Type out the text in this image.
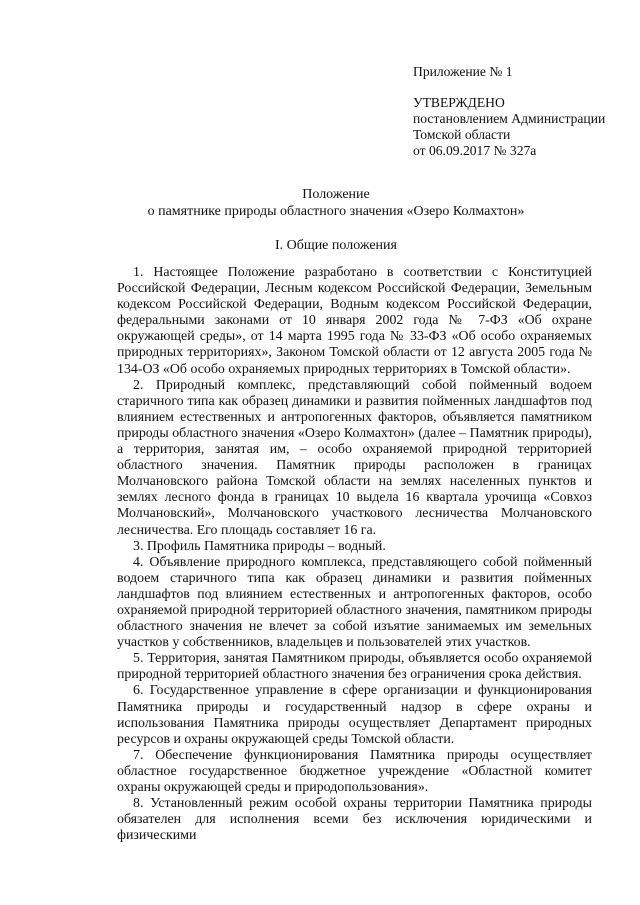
Приложение № 1
УТВЕРЖДЕНО
постановлением Администрации
Томской области
от 06.09.2017 № 327а
Положение
о памятнике природы областного значения «Озеро Колмахтон»
I. Общие положения

1. Настоящее Положение разработано в соответствии с Конституцией Российской Федерации, Лесным кодексом Российской Федерации, Земельным кодексом Российской Федерации, Водным кодексом Российской Федерации, федеральными законами от 10 января 2002 года № 7-ФЗ «Об охране окружающей среды», от 14 марта 1995 года № 33-ФЗ «Об особо охраняемых природных территориях», Законом Томской области от 12 августа 2005 года № 134-ОЗ «Об особо охраняемых природных территориях в Томской области».

2. Природный комплекс, представляющий собой пойменный водоем старичного типа как образец динамики и развития пойменных ландшафтов под влиянием естественных и антропогенных факторов, объявляется памятником природы областного значения «Озеро Колмахтон» (далее – Памятник природы), а территория, занятая им, – особо охраняемой природной территорией областного значения. Памятник природы расположен в границах Молчановского района Томской области на землях населенных пунктов и землях лесного фонда в границах 10 выдела 16 квартала урочища «Совхоз Молчановский», Молчановского участкового лесничества Молчановского лесничества. Его площадь составляет 16 га.

3. Профиль Памятника природы – водный.

4. Объявление природного комплекса, представляющего собой пойменный водоем старичного типа как образец динамики и развития пойменных ландшафтов под влиянием естественных и антропогенных факторов, особо охраняемой природной территорией областного значения, памятником природы областного значения не влечет за собой изъятие занимаемых им земельных участков у собственников, владельцев и пользователей этих участков.

5. Территория, занятая Памятником природы, объявляется особо охраняемой природной территорией областного значения без ограничения срока действия.

6. Государственное управление в сфере организации и функционирования Памятника природы и государственный надзор в сфере охраны и использования Памятника природы осуществляет Департамент природных ресурсов и охраны окружающей среды Томской области.

7. Обеспечение функционирования Памятника природы осуществляет областное государственное бюджетное учреждение «Областной комитет охраны окружающей среды и природопользования».

8. Установленный режим особой охраны территории Памятника природы обязателен для исполнения всеми без исключения юридическими и физическими
